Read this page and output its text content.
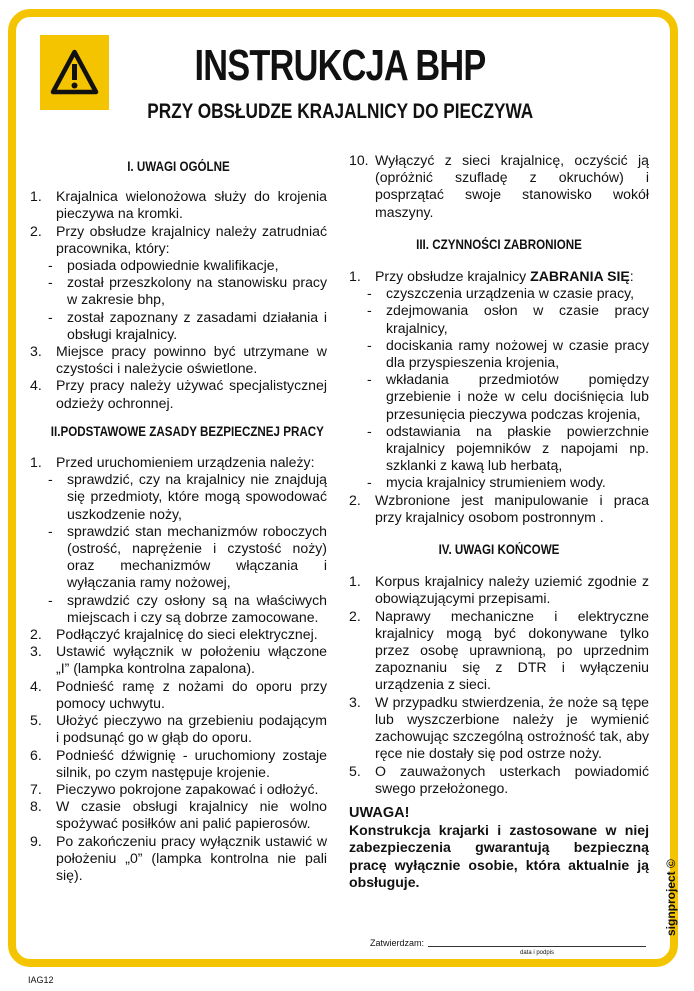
INSTRUKCJA BHP
PRZY OBSŁUDZE KRAJALNICY DO PIECZYWA
I. UWAGI OGÓLNE
1. Krajalnica wielonożowa służy do krojenia pieczywa na kromki.
2. Przy obsłudze krajalnicy należy zatrudniać pracownika, który:
- posiada odpowiednie kwalifikacje,
- został przeszkolony na stanowisku pracy w zakresie bhp,
- został zapoznany z zasadami działania i obsługi krajalnicy.
3. Miejsce pracy powinno być utrzymane w czystości i należycie oświetlone.
4. Przy pracy należy używać specjalistycznej odzieży ochronnej.
II.PODSTAWOWE ZASADY BEZPIECZNEJ PRACY
1. Przed uruchomieniem urządzenia należy:
- sprawdzić, czy na krajalnicy nie znajdują się przedmioty, które mogą spowodować uszkodzenie noży,
- sprawdzić stan mechanizmów roboczych (ostrość, naprężenie i czystość noży) oraz mechanizmów włączania i wyłączania ramy nożowej,
- sprawdzić czy osłony są na właściwych miejscach i czy są dobrze zamocowane.
2. Podłączyć krajalnicę do sieci elektrycznej.
3. Ustawić wyłącznik w położeniu włączone „I” (lampka kontrolna zapalona).
4. Podnieść ramę z nożami do oporu przy pomocy uchwytu.
5. Ułożyć pieczywo na grzebieniu podającym i podsunąć go w głąb do oporu.
6. Podnieść dźwignię - uruchomiony zostaje silnik, po czym następuje krojenie.
7. Pieczywo pokrojone zapakować i odłożyć.
8. W czasie obsługi krajalnicy nie wolno spożywać posiłków ani palić papierosów.
9. Po zakończeniu pracy wyłącznik ustawić w położeniu „0” (lampka kontrolna nie pali się).
10. Wyłączyć z sieci krajalnicę, oczyścić ją (opróżnić szufladę z okruchów) i posprzątać swoje stanowisko wokół maszyny.
III. CZYNNOŚCI ZABRONIONE
1. Przy obsłudze krajalnicy ZABRANIA SIĘ:
- czyszczenia urządzenia w czasie pracy,
- zdejmowania osłon w czasie pracy krajalnicy,
- dociskania ramy nożowej w czasie pracy dla przyspieszenia krojenia,
- wkładania przedmiotów pomiędzy grzebienie i noże w celu dociśnięcia lub przesunięcia pieczywa podczas krojenia,
- odstawiania na płaskie powierzchnie krajalnicy pojemników z napojami np. szklanki z kawą lub herbatą,
- mycia krajalnicy strumieniem wody.
2. Wzbronione jest manipulowanie i praca przy krajalnicy osobom postronnym .
IV. UWAGI KOŃCOWE
1. Korpus krajalnicy należy uziemić zgodnie z obowiązującymi przepisami.
2. Naprawy mechaniczne i elektryczne krajalnicy mogą być dokonywane tylko przez osobę uprawnioną, po uprzednim zapoznaniu się z DTR i wyłączeniu urządzenia z sieci.
3. W przypadku stwierdzenia, że noże są tępe lub wyszczerbione należy je wymienić zachowując szczególną ostrożność tak, aby ręce nie dostały się pod ostrze noży.
5. O zauważonych usterkach powiadomić swego przełożonego.
UWAGA!
Konstrukcja krajarki i zastosowane w niej zabezpieczenia gwarantują bezpieczną pracę wyłącznie osobie, która aktualnie ją obsługuje.
Zatwierdzam:
data i podpis
signproject ©
IAG12
